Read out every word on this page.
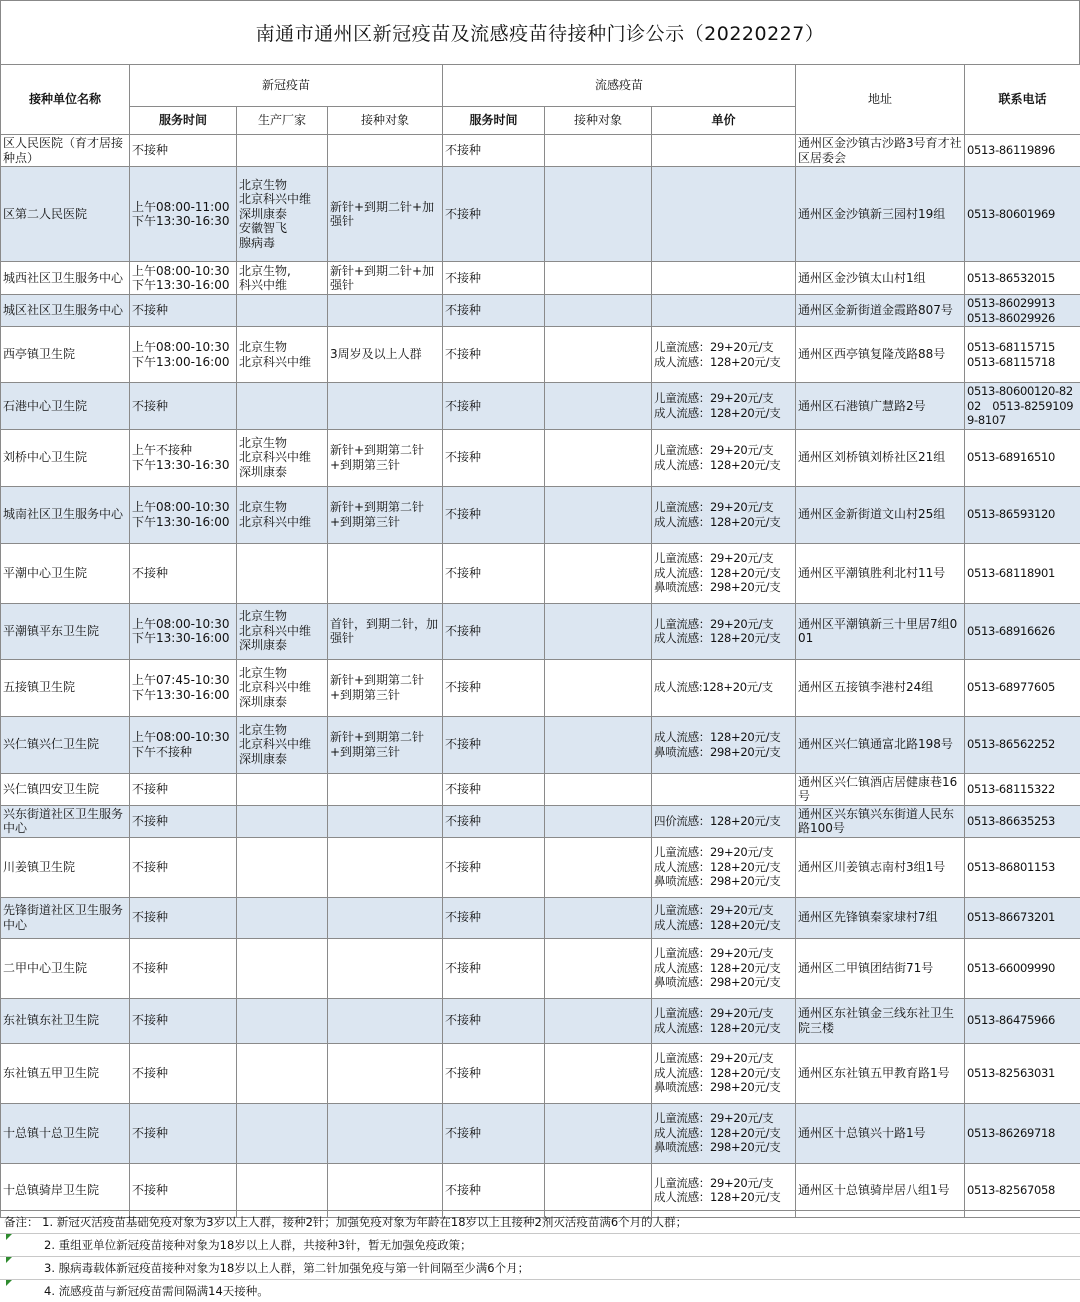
南通市通州区新冠疫苗及流感疫苗待接种门诊公示（20220227）
接种单位名称	新冠疫苗			流感疫苗			地址	联系电话
	服务时间	生产厂家	接种对象	服务时间	接种对象	单价		
区人民医院（育才居接种点）	不接种			不接种			通州区金沙镇古沙路3号育才社区居委会	0513-86119896
区第二人民医院	上午08:00-11:00
下午13:30-16:30	北京生物
北京科兴中维
深圳康泰
安徽智飞
腺病毒	新针+到期二针+加强针	不接种			通州区金沙镇新三园村19组	0513-80601969
城西社区卫生服务中心	上午08:00-10:30
下午13:30-16:00	北京生物,
科兴中维	新针+到期二针+加强针	不接种			通州区金沙镇太山村1组	0513-86532015
城区社区卫生服务中心	不接种			不接种			通州区金新街道金霞路807号	0513-86029913
0513-86029926
西亭镇卫生院	上午08:00-10:30
下午13:00-16:00	北京生物
北京科兴中维	3周岁及以上人群	不接种		儿童流感：29+20元/支
成人流感：128+20元/支	通州区西亭镇复隆茂路88号	0513-68115715
0513-68115718
石港中心卫生院	不接种			不接种		儿童流感：29+20元/支
成人流感：128+20元/支	通州区石港镇广慧路2号	0513-80600120-8202　0513-82591099-8107
刘桥中心卫生院	上午不接种
下午13:30-16:30	北京生物
北京科兴中维
深圳康泰	新针+到期第二针+到期第三针	不接种		儿童流感：29+20元/支
成人流感：128+20元/支	通州区刘桥镇刘桥社区21组	0513-68916510
城南社区卫生服务中心	上午08:00-10:30
下午13:30-16:00	北京生物
北京科兴中维	新针+到期第二针+到期第三针	不接种		儿童流感：29+20元/支
成人流感：128+20元/支	通州区金新街道文山村25组	0513-86593120
平潮中心卫生院	不接种			不接种		儿童流感：29+20元/支
成人流感：128+20元/支
鼻喷流感：298+20元/支	通州区平潮镇胜利北村11号	0513-68118901
平潮镇平东卫生院	上午08:00-10:30
下午13:30-16:00	北京生物
北京科兴中维
深圳康泰	首针，到期二针，加强针	不接种		儿童流感：29+20元/支
成人流感：128+20元/支	通州区平潮镇新三十里居7组001	0513-68916626
五接镇卫生院	上午07:45-10:30
下午13:30-16:00	北京生物
北京科兴中维
深圳康泰	新针+到期第二针+到期第三针	不接种		成人流感:128+20元/支	通州区五接镇李港村24组	0513-68977605
兴仁镇兴仁卫生院	上午08:00-10:30
下午不接种	北京生物
北京科兴中维
深圳康泰	新针+到期第二针+到期第三针	不接种		成人流感：128+20元/支
鼻喷流感：298+20元/支	通州区兴仁镇通富北路198号	0513-86562252
兴仁镇四安卫生院	不接种			不接种			通州区兴仁镇酒店居健康巷16号	0513-68115322
兴东街道社区卫生服务中心	不接种			不接种		四价流感：128+20元/支	通州区兴东镇兴东街道人民东路100号	0513-86635253
川姜镇卫生院	不接种			不接种		儿童流感：29+20元/支
成人流感：128+20元/支
鼻喷流感：298+20元/支	通州区川姜镇志南村3组1号	0513-86801153
先锋街道社区卫生服务中心	不接种			不接种		儿童流感：29+20元/支
成人流感：128+20元/支	通州区先锋镇秦家埭村7组	0513-86673201
二甲中心卫生院	不接种			不接种		儿童流感：29+20元/支
成人流感：128+20元/支
鼻喷流感：298+20元/支	通州区二甲镇团结街71号	0513-66009990
东社镇东社卫生院	不接种			不接种		儿童流感：29+20元/支
成人流感：128+20元/支	通州区东社镇金三线东社卫生院三楼	0513-86475966
东社镇五甲卫生院	不接种			不接种		儿童流感：29+20元/支
成人流感：128+20元/支
鼻喷流感：298+20元/支	通州区东社镇五甲教育路1号	0513-82563031
十总镇十总卫生院	不接种			不接种		儿童流感：29+20元/支
成人流感：128+20元/支
鼻喷流感：298+20元/支	通州区十总镇兴十路1号	0513-86269718
十总镇骑岸卫生院	不接种			不接种		儿童流感：29+20元/支
成人流感：128+20元/支	通州区十总镇骑岸居八组1号	0513-82567058
备注： 1. 新冠灭活疫苗基础免疫对象为3岁以上人群，接种2针；加强免疫对象为年龄在18岁以上且接种2剂灭活疫苗满6个月的人群；
2. 重组亚单位新冠疫苗接种对象为18岁以上人群，共接种3针，暂无加强免疫政策；
3. 腺病毒载体新冠疫苗接种对象为18岁以上人群，第二针加强免疫与第一针间隔至少满6个月；
4. 流感疫苗与新冠疫苗需间隔满14天接种。
